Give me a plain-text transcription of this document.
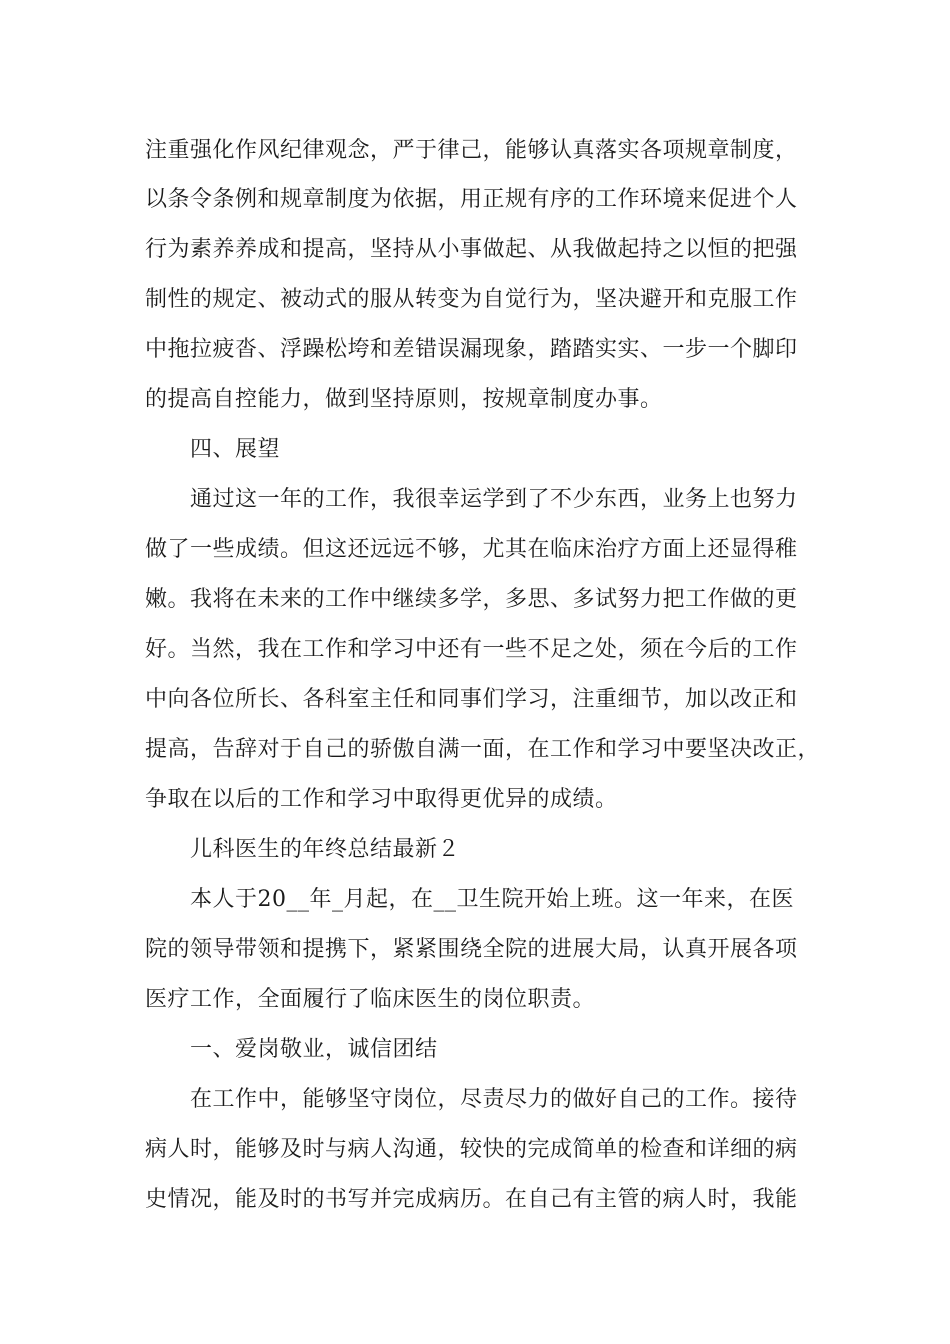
注重强化作风纪律观念，严于律己，能够认真落实各项规章制度，
以条令条例和规章制度为依据，用正规有序的工作环境来促进个人
行为素养养成和提高，坚持从小事做起、从我做起持之以恒的把强
制性的规定、被动式的服从转变为自觉行为，坚决避开和克服工作
中拖拉疲沓、浮躁松垮和差错误漏现象，踏踏实实、一步一个脚印
的提高自控能力，做到坚持原则，按规章制度办事。
四、展望
通过这一年的工作，我很幸运学到了不少东西，业务上也努力
做了一些成绩。但这还远远不够，尤其在临床治疗方面上还显得稚
嫩。我将在未来的工作中继续多学，多思、多试努力把工作做的更
好。当然，我在工作和学习中还有一些不足之处，须在今后的工作
中向各位所长、各科室主任和同事们学习，注重细节，加以改正和
提高，告辞对于自己的骄傲自满一面，在工作和学习中要坚决改正，
争取在以后的工作和学习中取得更优异的成绩。
儿科医生的年终总结最新２
本人于20__年_月起，在__卫生院开始上班。这一年来，在医
院的领导带领和提携下，紧紧围绕全院的进展大局，认真开展各项
医疗工作，全面履行了临床医生的岗位职责。
一、爱岗敬业，诚信团结
在工作中，能够坚守岗位，尽责尽力的做好自己的工作。接待
病人时，能够及时与病人沟通，较快的完成简单的检查和详细的病
史情况，能及时的书写并完成病历。在自己有主管的病人时，我能
